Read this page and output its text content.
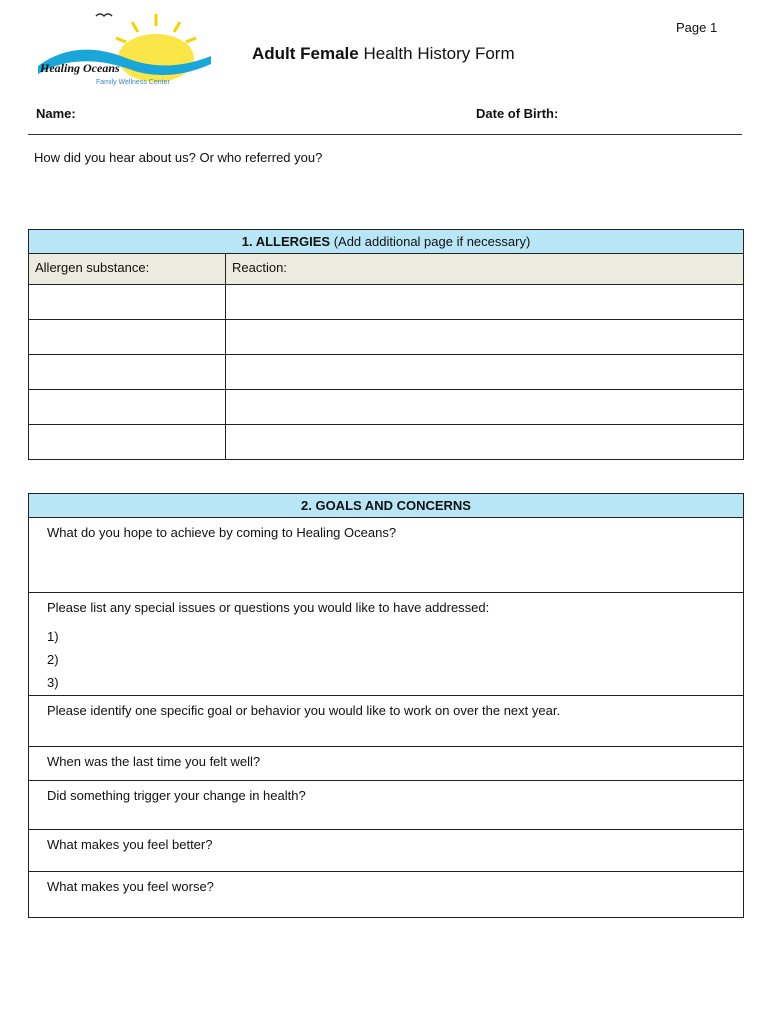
Healing Oceans
Family Wellness Center
Page 1
Adult Female Health History Form
Name:	Date of Birth:
How did you hear about us? Or who referred you?
1. ALLERGIES (Add additional page if necessary)
Allergen substance:	Reaction:
2. GOALS AND CONCERNS
What do you hope to achieve by coming to Healing Oceans?
Please list any special issues or questions you would like to have addressed:
1)
2)
3)
Please identify one specific goal or behavior you would like to work on over the next year.
When was the last time you felt well?
Did something trigger your change in health?
What makes you feel better?
What makes you feel worse?
